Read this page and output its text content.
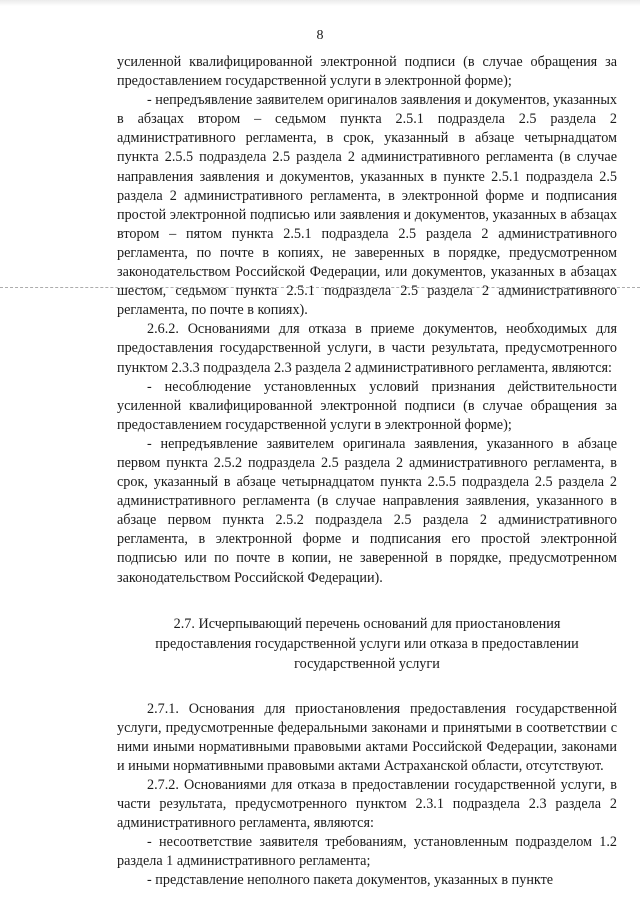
8

усиленной квалифицированной электронной подписи (в случае обращения за предоставлением государственной услуги в электронной форме);

- непредъявление заявителем оригиналов заявления и документов, указанных в абзацах втором – седьмом пункта 2.5.1 подраздела 2.5 раздела 2 административного регламента, в срок, указанный в абзаце четырнадцатом пункта 2.5.5 подраздела 2.5 раздела 2 административного регламента (в случае направления заявления и документов, указанных в пункте 2.5.1 подраздела 2.5 раздела 2 административного регламента, в электронной форме и подписания простой электронной подписью или заявления и документов, указанных в абзацах втором – пятом пункта 2.5.1 подраздела 2.5 раздела 2 административного регламента, по почте в копиях, не заверенных в порядке, предусмотренном законодательством Российской Федерации, или документов, указанных в абзацах шестом, седьмом пункта 2.5.1 подраздела 2.5 раздела 2 административного регламента, по почте в копиях).

2.6.2. Основаниями для отказа в приеме документов, необходимых для предоставления государственной услуги, в части результата, предусмотренного пунктом 2.3.3 подраздела 2.3 раздела 2 административного регламента, являются:

- несоблюдение установленных условий признания действительности усиленной квалифицированной электронной подписи (в случае обращения за предоставлением государственной услуги в электронной форме);

- непредъявление заявителем оригинала заявления, указанного в абзаце первом пункта 2.5.2 подраздела 2.5 раздела 2 административного регламента, в срок, указанный в абзаце четырнадцатом пункта 2.5.5 подраздела 2.5 раздела 2 административного регламента (в случае направления заявления, указанного в абзаце первом пункта 2.5.2 подраздела 2.5 раздела 2 административного регламента, в электронной форме и подписания его простой электронной подписью или по почте в копии, не заверенной в порядке, предусмотренном законодательством Российской Федерации).

2.7. Исчерпывающий перечень оснований для приостановления предоставления государственной услуги или отказа в предоставлении государственной услуги

2.7.1. Основания для приостановления предоставления государственной услуги, предусмотренные федеральными законами и принятыми в соответствии с ними иными нормативными правовыми актами Российской Федерации, законами и иными нормативными правовыми актами Астраханской области, отсутствуют.

2.7.2. Основаниями для отказа в предоставлении государственной услуги, в части результата, предусмотренного пунктом 2.3.1 подраздела 2.3 раздела 2 административного регламента, являются:

- несоответствие заявителя требованиям, установленным подразделом 1.2 раздела 1 административного регламента;

- представление неполного пакета документов, указанных в пункте
